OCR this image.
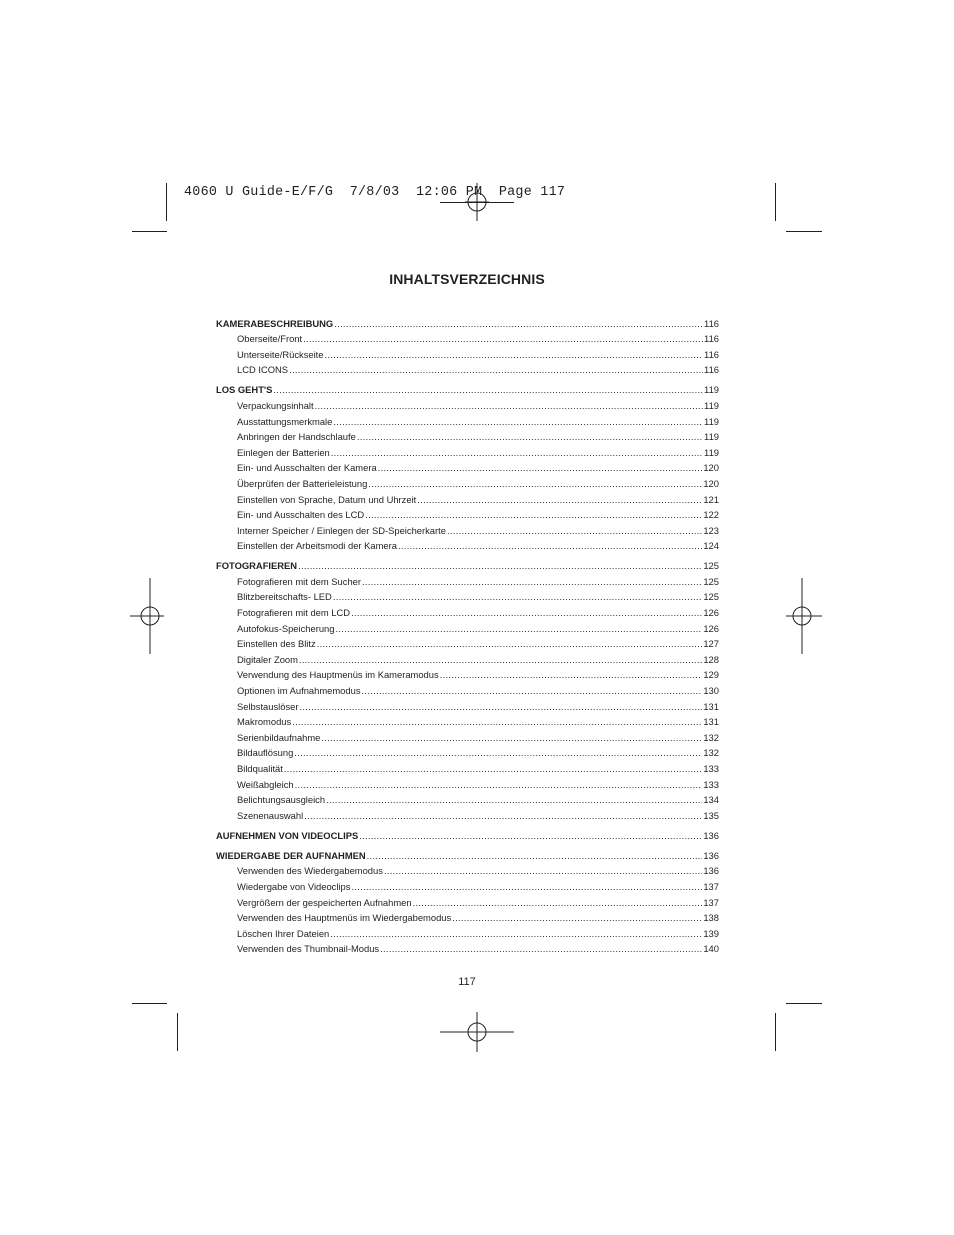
4060 U Guide-E/F/G  7/8/03  12:06 PM  Page 117
INHALTSVERZEICHNIS
KAMERABESCHREIBUNG .....	116
Oberseite/Front .....	116
Unterseite/Rückseite .....	116
LCD ICONS .....	116
LOS GEHT'S .....	119
Verpackungsinhalt .....	119
Ausstattungsmerkmale .....	119
Anbringen der Handschlaufe .....	119
Einlegen der Batterien .....	119
Ein- und Ausschalten der Kamera .....	120
Überprüfen der Batterieleistung .....	120
Einstellen von Sprache, Datum und Uhrzeit .....	121
Ein- und Ausschalten des LCD .....	122
Interner Speicher / Einlegen der SD-Speicherkarte .....	123
Einstellen der Arbeitsmodi der Kamera .....	124
FOTOGRAFIEREN .....	125
Fotografieren mit dem Sucher .....	125
Blitzbereitschafts- LED .....	125
Fotografieren mit dem LCD .....	126
Autofokus-Speicherung .....	126
Einstellen des Blitz .....	127
Digitaler Zoom .....	128
Verwendung des Hauptmenüs im Kameramodus .....	129
Optionen im Aufnahmemodus .....	130
Selbstauslöser .....	131
Makromodus .....	131
Serienbildaufnahme .....	132
Bildauflösung .....	132
Bildqualität .....	133
Weißabgleich .....	133
Belichtungsausgleich .....	134
Szenenauswahl .....	135
AUFNEHMEN VON VIDEOCLIPS .....	136
WIEDERGABE DER AUFNAHMEN .....	136
Verwenden des Wiedergabemodus .....	136
Wiedergabe von Videoclips .....	137
Vergrößern der gespeicherten Aufnahmen .....	137
Verwenden des Hauptmenüs im Wiedergabemodus .....	138
Löschen Ihrer Dateien .....	139
Verwenden des Thumbnail-Modus .....	140
117
